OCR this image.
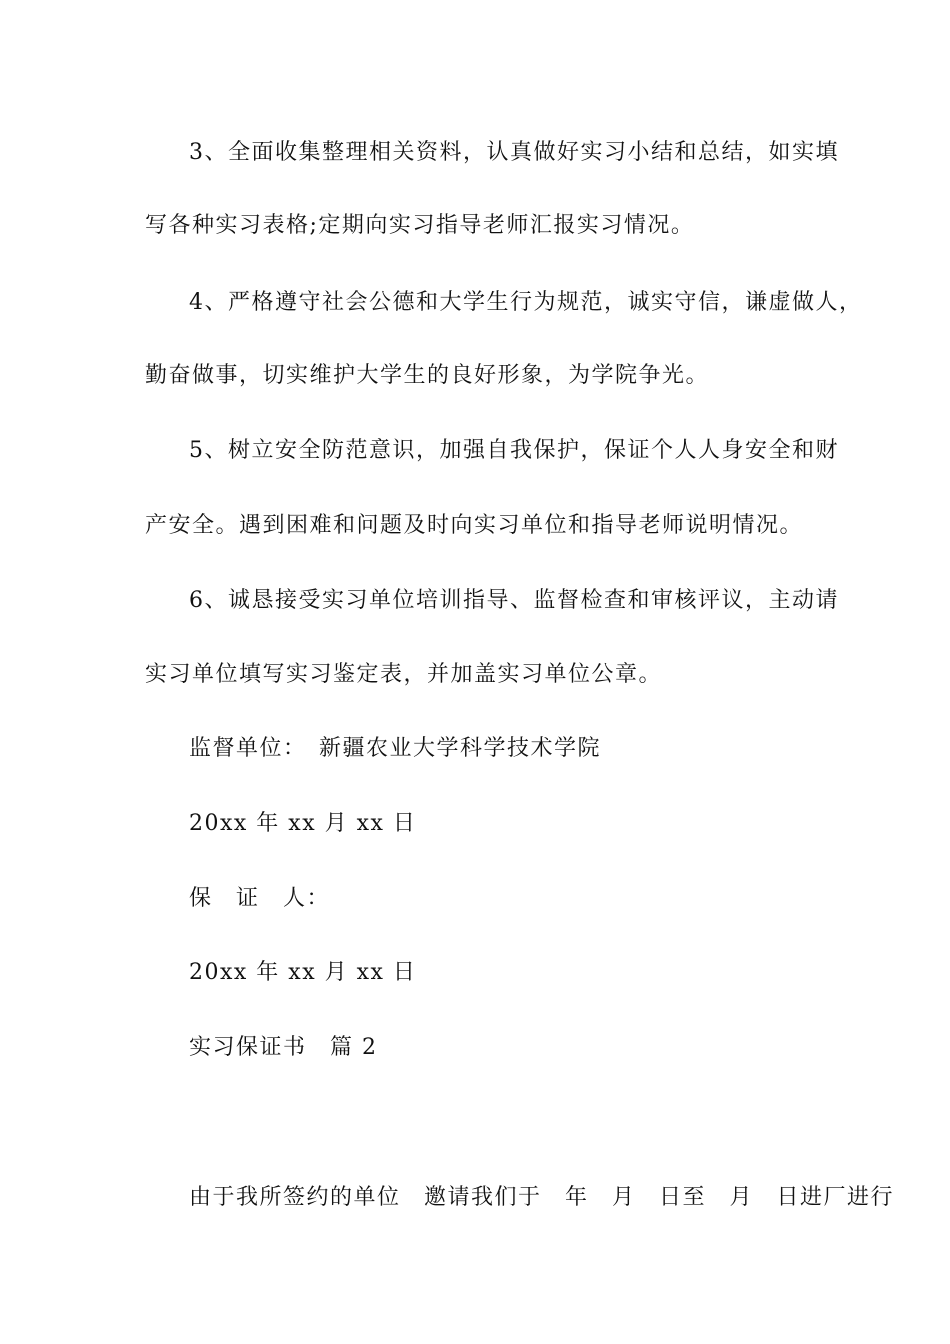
3、全面收集整理相关资料，认真做好实习小结和总结，如实填
写各种实习表格;定期向实习指导老师汇报实习情况。
4、严格遵守社会公德和大学生行为规范，诚实守信，谦虚做人，
勤奋做事，切实维护大学生的良好形象，为学院争光。
5、树立安全防范意识，加强自我保护，保证个人人身安全和财
产安全。遇到困难和问题及时向实习单位和指导老师说明情况。
6、诚恳接受实习单位培训指导、监督检查和审核评议，主动请
实习单位填写实习鉴定表，并加盖实习单位公章。
监督单位：　新疆农业大学科学技术学院
20xx 年 xx 月 xx 日
保　证　人：
20xx 年 xx 月 xx 日
实习保证书　篇 2
由于我所签约的单位　邀请我们于　年　月　日至　月　日进厂进行
